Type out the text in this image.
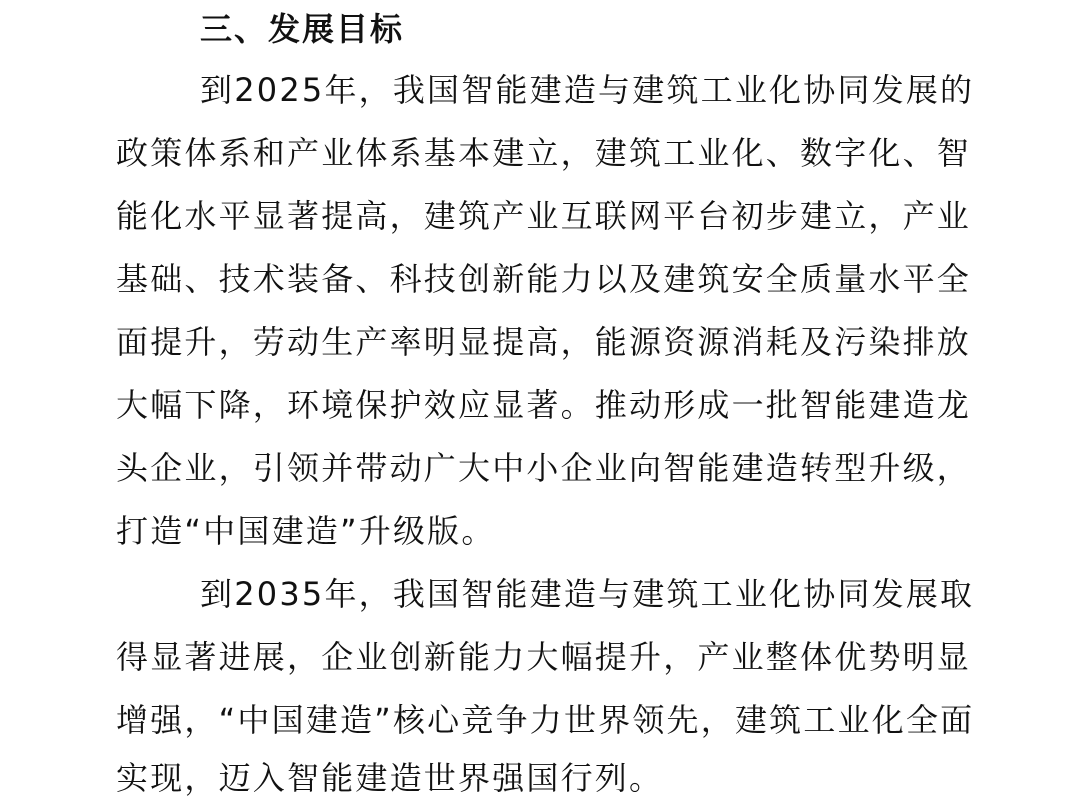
三、发展目标
到2025年，我国智能建造与建筑工业化协同发展的
政策体系和产业体系基本建立，建筑工业化、数字化、智
能化水平显著提高，建筑产业互联网平台初步建立，产业
基础、技术装备、科技创新能力以及建筑安全质量水平全
面提升，劳动生产率明显提高，能源资源消耗及污染排放
大幅下降，环境保护效应显著。推动形成一批智能建造龙
头企业，引领并带动广大中小企业向智能建造转型升级，
打造“中国建造”升级版。
到2035年，我国智能建造与建筑工业化协同发展取
得显著进展，企业创新能力大幅提升，产业整体优势明显
增强，“中国建造”核心竞争力世界领先，建筑工业化全面
实现，迈入智能建造世界强国行列。
